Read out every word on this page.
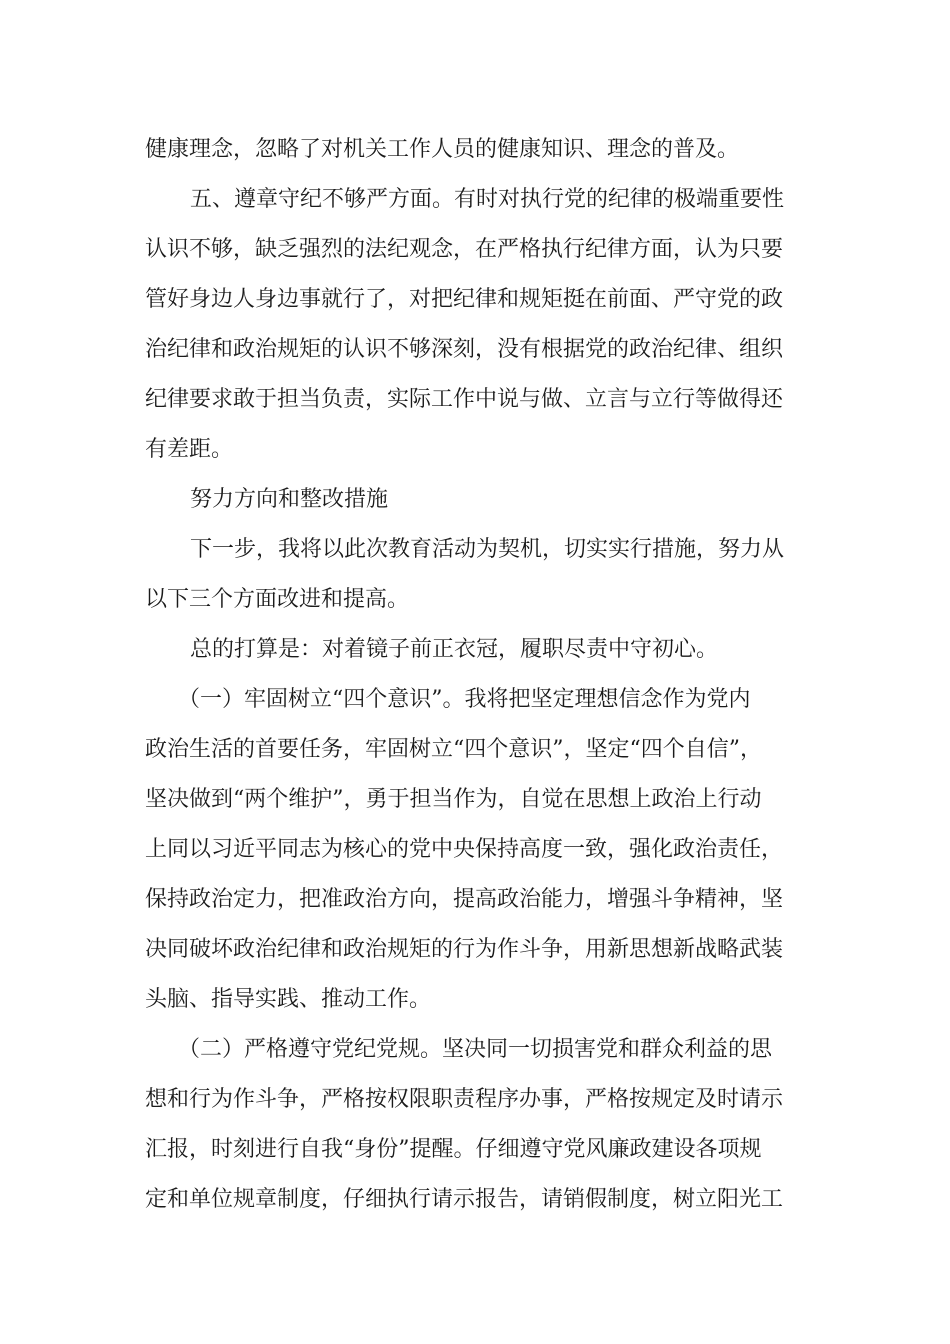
健康理念，忽略了对机关工作人员的健康知识、理念的普及。
五、遵章守纪不够严方面。有时对执行党的纪律的极端重要性
认识不够，缺乏强烈的法纪观念，在严格执行纪律方面，认为只要
管好身边人身边事就行了，对把纪律和规矩挺在前面、严守党的政
治纪律和政治规矩的认识不够深刻，没有根据党的政治纪律、组织
纪律要求敢于担当负责，实际工作中说与做、立言与立行等做得还
有差距。
努力方向和整改措施
下一步，我将以此次教育活动为契机，切实实行措施，努力从
以下三个方面改进和提高。
总的打算是：对着镜子前正衣冠，履职尽责中守初心。
（一）牢固树立“四个意识”。我将把坚定理想信念作为党内
政治生活的首要任务，牢固树立“四个意识”，坚定“四个自信”，
坚决做到“两个维护”，勇于担当作为，自觉在思想上政治上行动
上同以习近平同志为核心的党中央保持高度一致，强化政治责任，
保持政治定力，把准政治方向，提高政治能力，增强斗争精神，坚
决同破坏政治纪律和政治规矩的行为作斗争，用新思想新战略武装
头脑、指导实践、推动工作。
（二）严格遵守党纪党规。坚决同一切损害党和群众利益的思
想和行为作斗争，严格按权限职责程序办事，严格按规定及时请示
汇报，时刻进行自我“身份”提醒。仔细遵守党风廉政建设各项规
定和单位规章制度，仔细执行请示报告，请销假制度，树立阳光工
